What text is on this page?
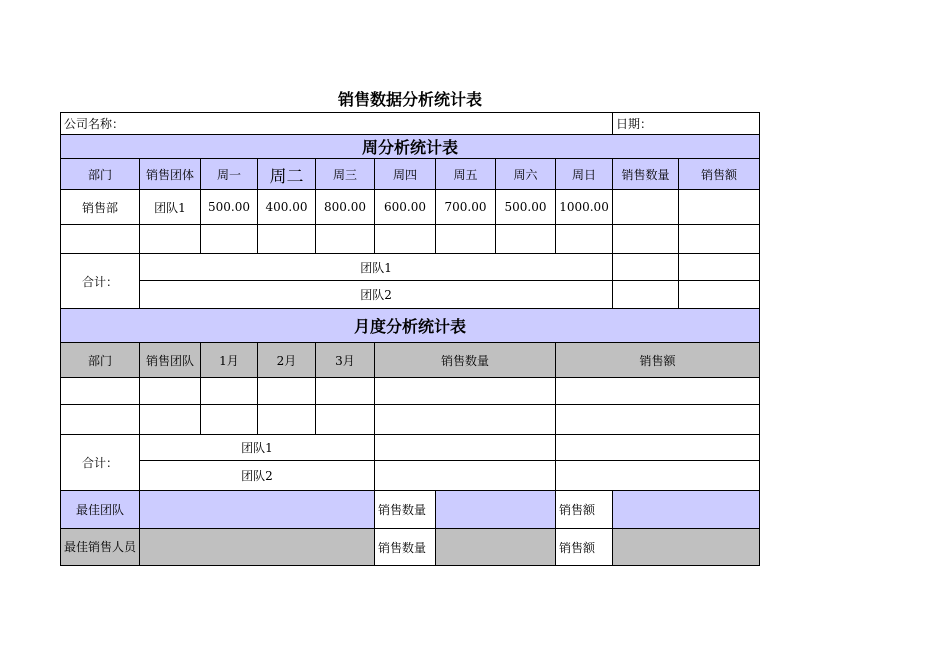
销售数据分析统计表
公司名称：									日期：	
周分析统计表										
部门	销售团体	周一	周二	周三	周四	周五	周六	周日	销售数量	销售额
销售部	团队1	500.00	400.00	800.00	600.00	700.00	500.00	1000.00		

合计：	团队1									
	团队2									
月度分析统计表										
部门	销售团队	1月	2月	3月	销售数量			销售额		

合计：	团队1									
	团队2									
最佳团队					销售数量			销售额		
最佳销售人员					销售数量			销售额		
